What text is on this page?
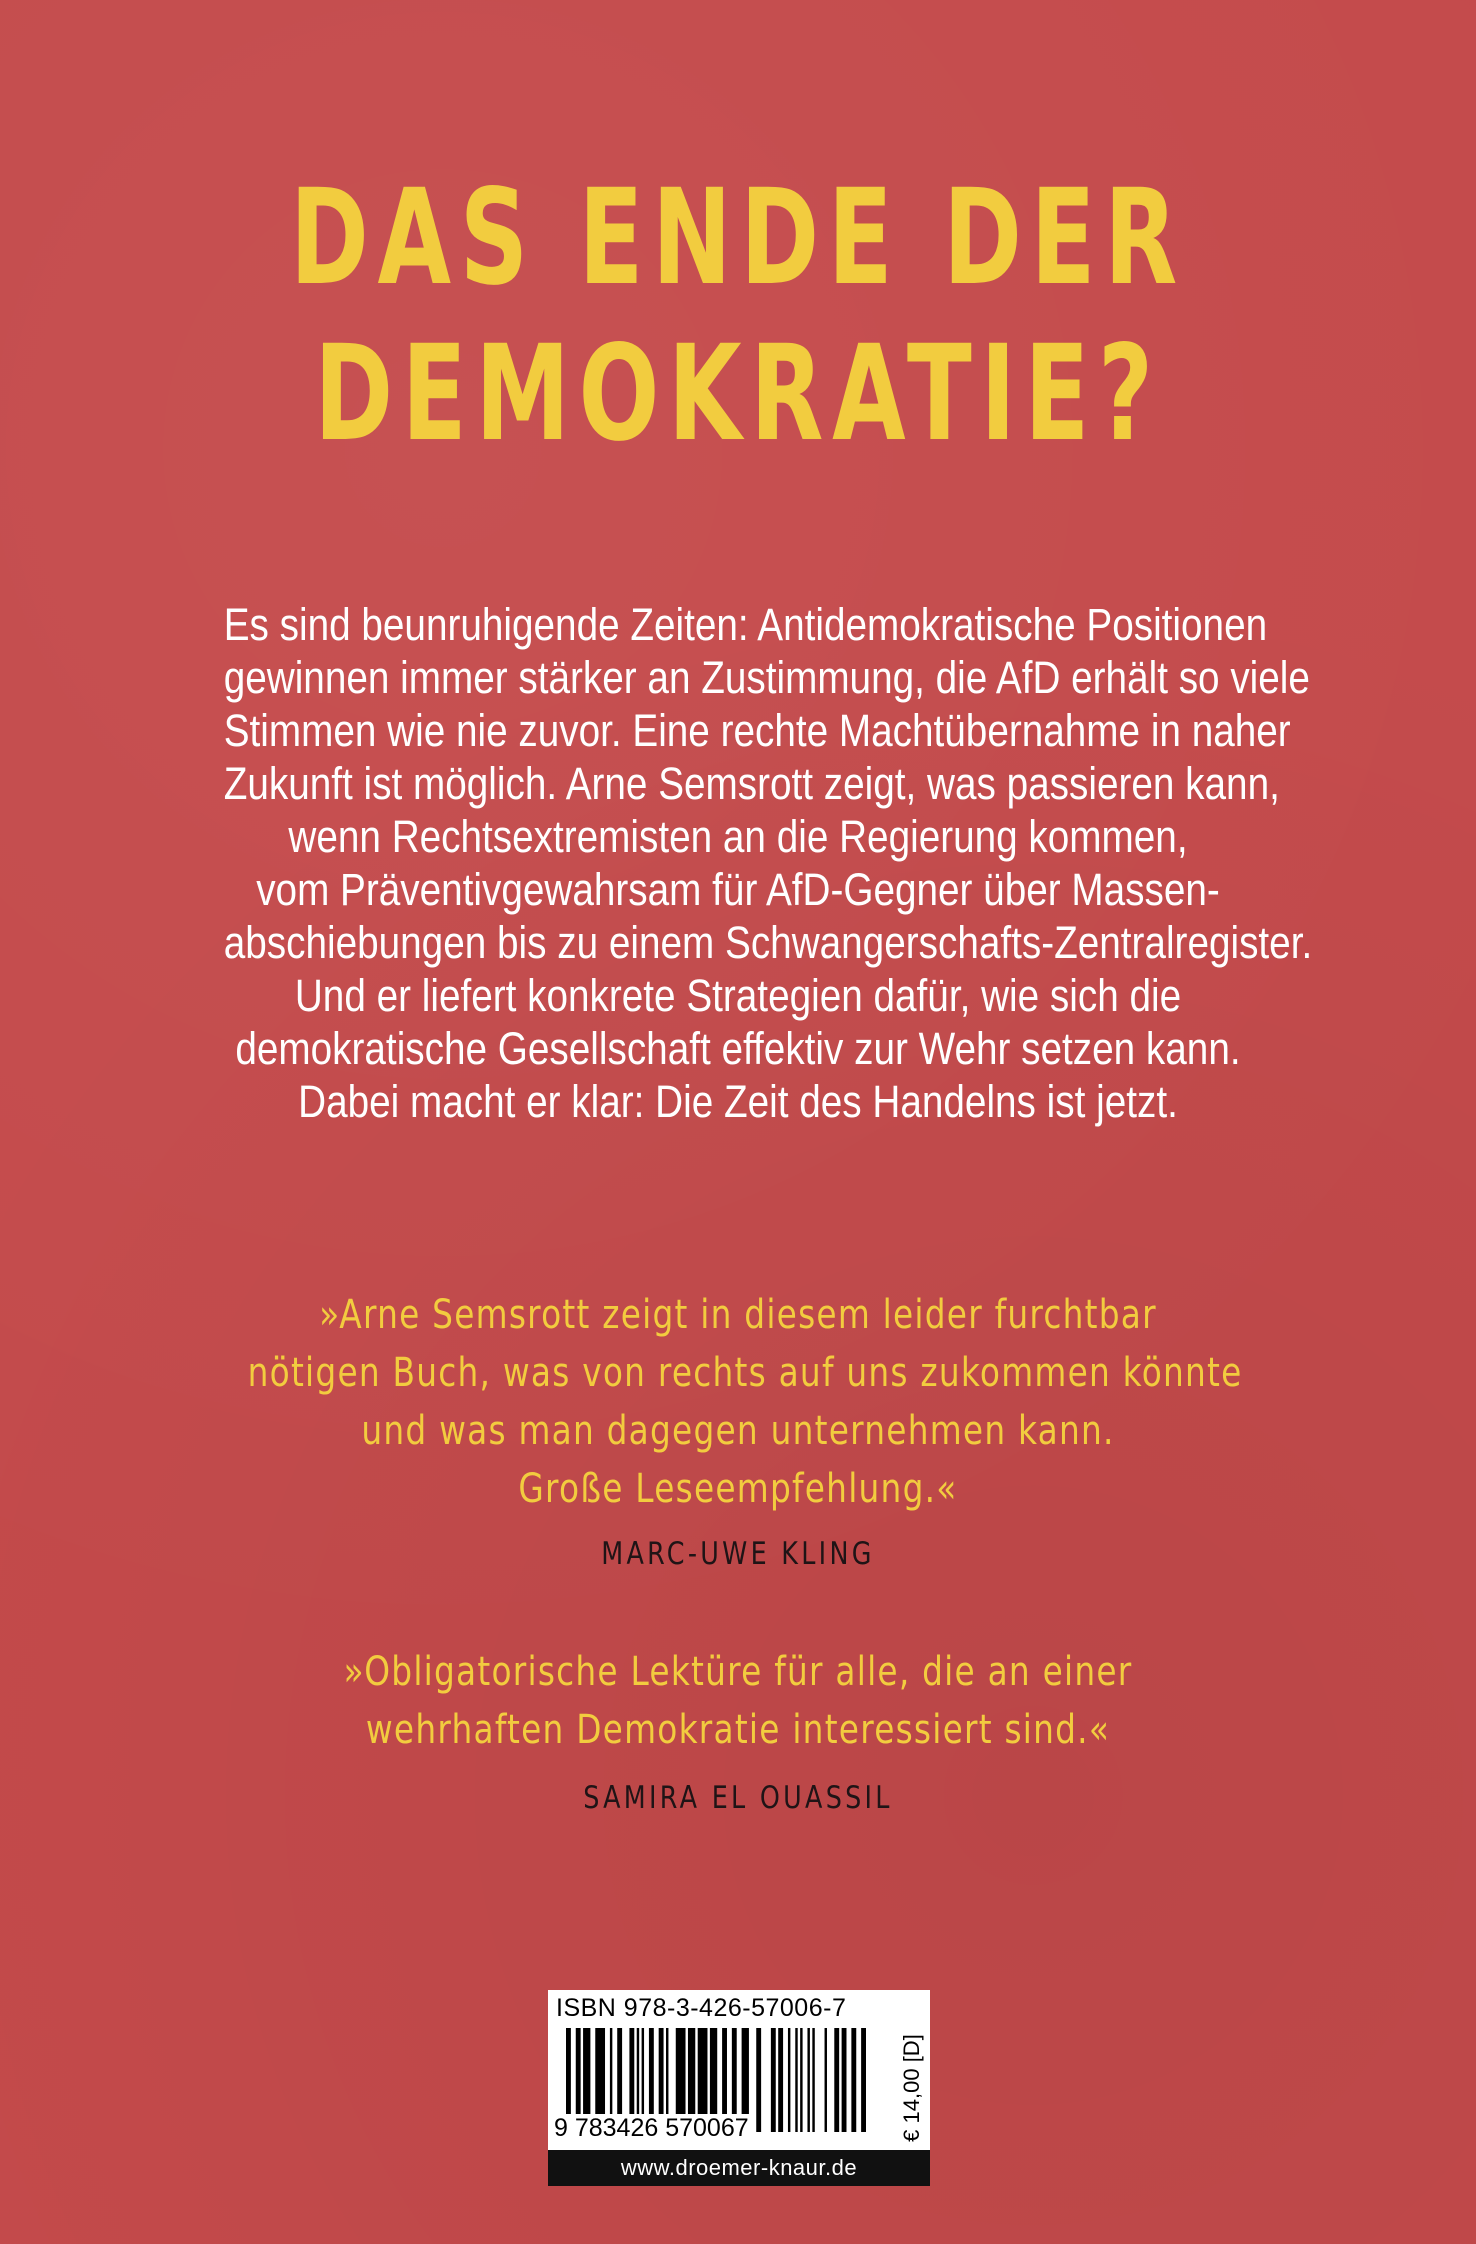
DAS ENDE DER
DEMOKRATIE?
Es sind beunruhigende Zeiten: Antidemokratische Positionen
gewinnen immer stärker an Zustimmung, die AfD erhält so viele
Stimmen wie nie zuvor. Eine rechte Machtübernahme in naher
Zukunft ist möglich. Arne Semsrott zeigt, was passieren kann,
wenn Rechtsextremisten an die Regierung kommen,
vom Präventivgewahrsam für AfD-Gegner über Massen-
abschiebungen bis zu einem Schwangerschafts-Zentralregister.
Und er liefert konkrete Strategien dafür, wie sich die
demokratische Gesellschaft effektiv zur Wehr setzen kann.
Dabei macht er klar: Die Zeit des Handelns ist jetzt.
»Arne Semsrott zeigt in diesem leider furchtbar
nötigen Buch, was von rechts auf uns zukommen könnte
und was man dagegen unternehmen kann.
Große Leseempfehlung.«
MARC-UWE KLING
»Obligatorische Lektüre für alle, die an einer
wehrhaften Demokratie interessiert sind.«
SAMIRA EL OUASSIL
ISBN 978-3-426-57006-7
9 783426 570067	€ 14,00 [D]
www.droemer-knaur.de
